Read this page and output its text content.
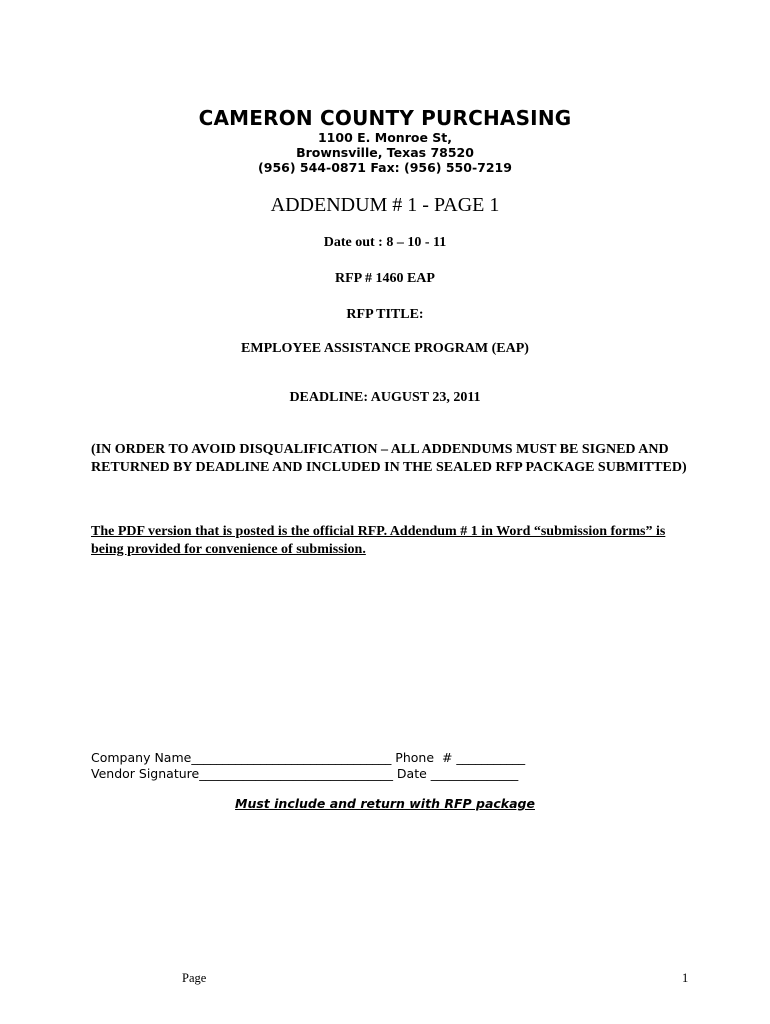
CAMERON COUNTY PURCHASING
1100 E. Monroe St,
Brownsville, Texas 78520
(956) 544-0871 Fax: (956) 550-7219
ADDENDUM # 1 - PAGE 1
Date out : 8 – 10 - 11
RFP # 1460 EAP
RFP TITLE:
EMPLOYEE ASSISTANCE PROGRAM (EAP)
DEADLINE: AUGUST 23, 2011
(IN ORDER TO AVOID DISQUALIFICATION – ALL ADDENDUMS MUST BE SIGNED AND RETURNED BY DEADLINE AND INCLUDED IN THE SEALED RFP PACKAGE SUBMITTED)
The PDF version that is posted is the official RFP. Addendum # 1 in Word “submission forms” is being provided for convenience of submission.
Company Name________________________________ Phone  # ___________
Vendor Signature_______________________________ Date ______________
Must include and return with RFP package
Page	1
